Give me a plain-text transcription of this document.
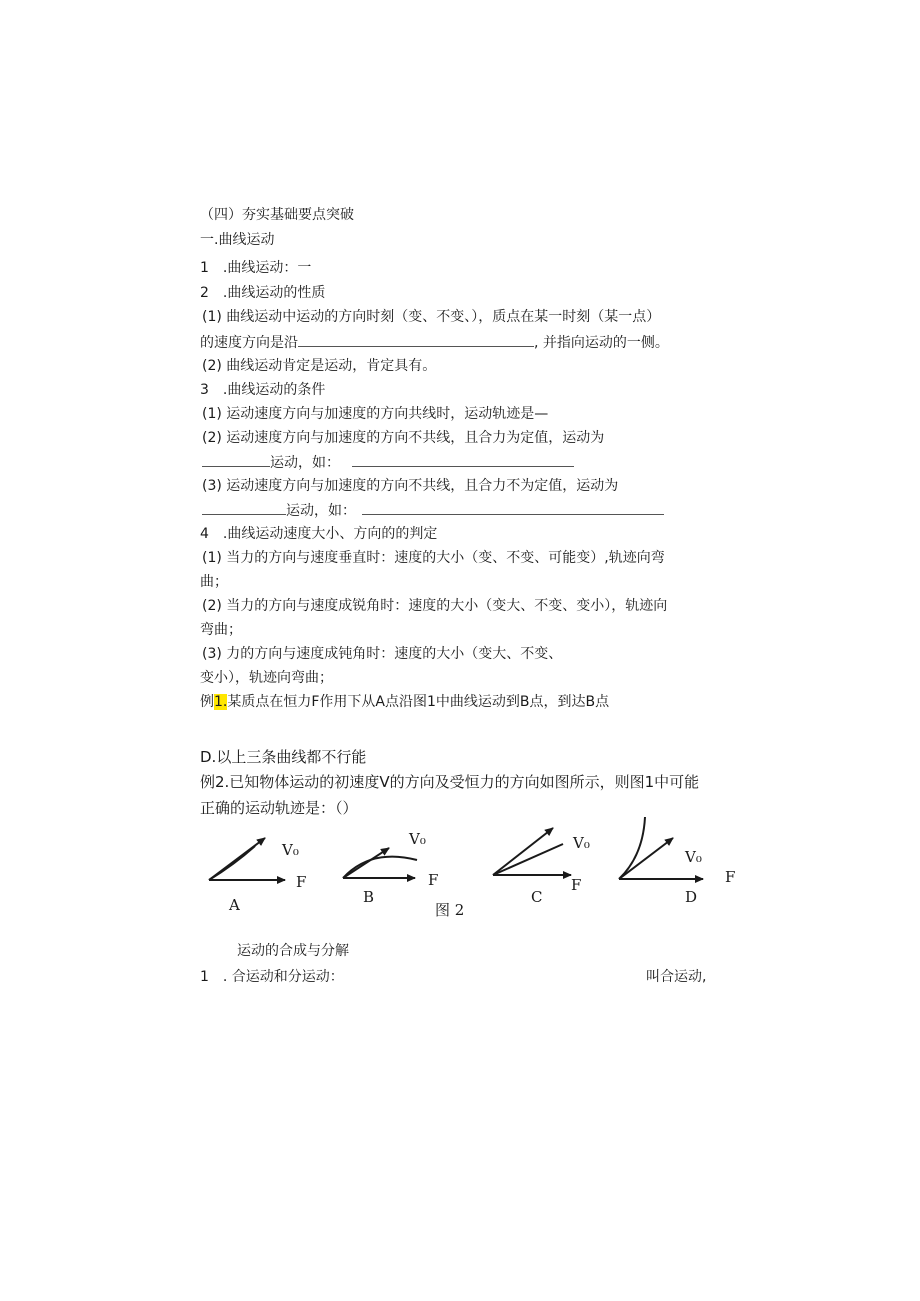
（四）夯实基础要点突破
一.曲线运动
1　.曲线运动：一
2　.曲线运动的性质
(1) 曲线运动中运动的方向时刻（变、不变、），质点在某一时刻（某一点）
的速度方向是沿	, 并指向运动的一侧。
(2) 曲线运动肯定是运动，肯定具有。
3　.曲线运动的条件
(1) 运动速度方向与加速度的方向共线时，运动轨迹是—
(2) 运动速度方向与加速度的方向不共线，且合力为定值，运动为
运动，如：
(3) 运动速度方向与加速度的方向不共线，且合力不为定值，运动为
运动，如：
4　.曲线运动速度大小、方向的的判定
(1) 当力的方向与速度垂直时：速度的大小（变、不变、可能变）,轨迹向弯
曲；
(2) 当力的方向与速度成锐角时：速度的大小（变大、不变、变小），轨迹向
弯曲；
(3) 力的方向与速度成钝角时：速度的大小（变大、不变、
变小），轨迹向弯曲；
例1.某质点在恒力F作用下从A点沿图1中曲线运动到B点，到达B点
D.以上三条曲线都不行能
例2.已知物体运动的初速度V的方向及受恒力的方向如图所示，则图1中可能
正确的运动轨迹是：（）
V₀
F
A
V₀
F
B
V₀
F
C
V₀
F
D
图 2
运动的合成与分解
1　. 合运动和分运动：	叫合运动,
